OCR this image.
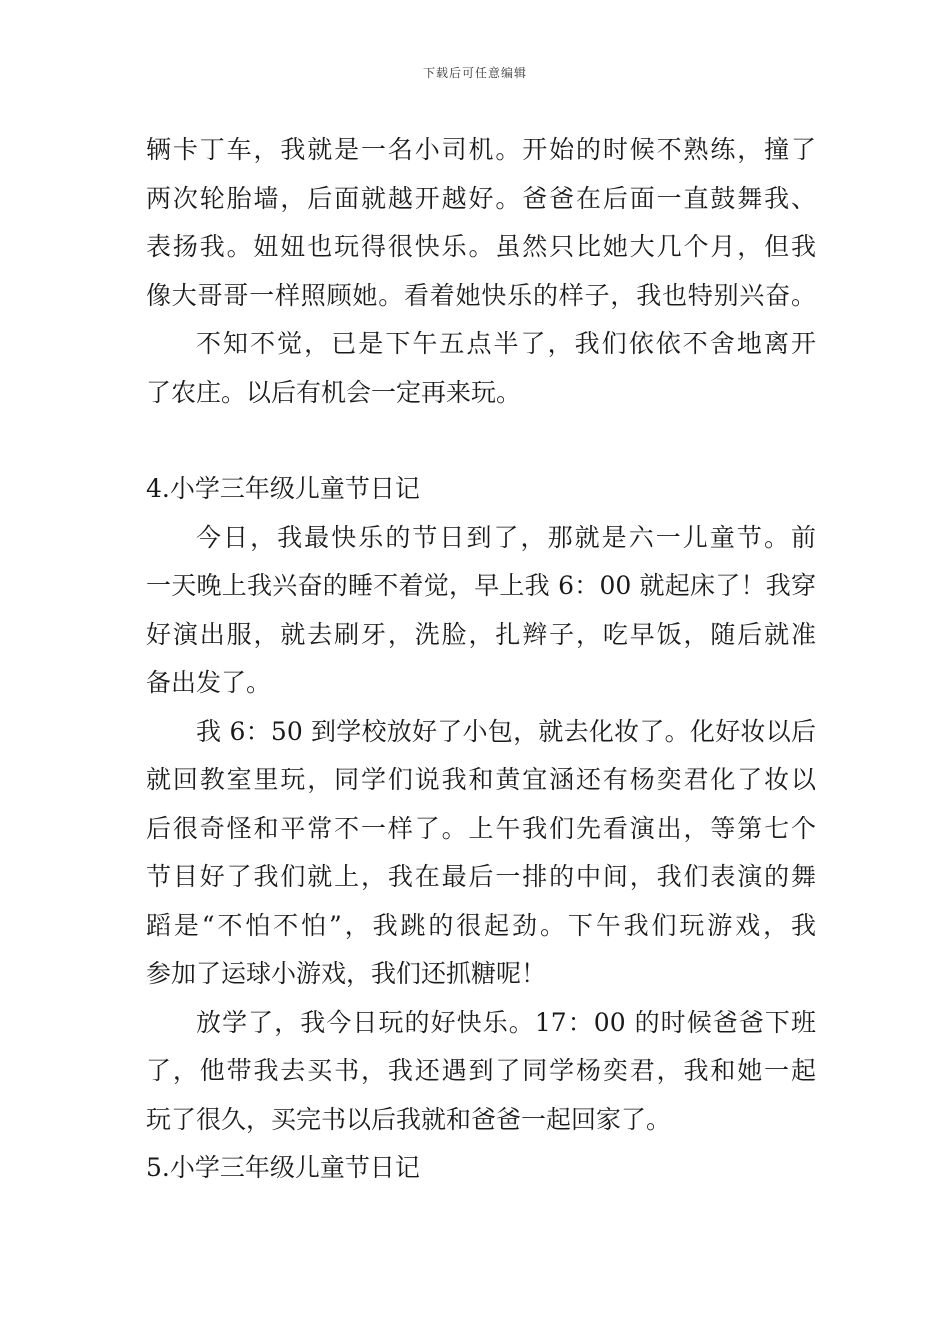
下载后可任意编辑
辆卡丁车，我就是一名小司机。开始的时候不熟练，撞了
两次轮胎墙，后面就越开越好。爸爸在后面一直鼓舞我、
表扬我。妞妞也玩得很快乐。虽然只比她大几个月，但我
像大哥哥一样照顾她。看着她快乐的样子，我也特别兴奋。
不知不觉，已是下午五点半了，我们依依不舍地离开
了农庄。以后有机会一定再来玩。
4.小学三年级儿童节日记
今日，我最快乐的节日到了，那就是六一儿童节。前
一天晚上我兴奋的睡不着觉，早上我 6：00 就起床了！我穿
好演出服，就去刷牙，洗脸，扎辫子，吃早饭，随后就准
备出发了。
我 6：50 到学校放好了小包，就去化妆了。化好妆以后
就回教室里玩，同学们说我和黄宜涵还有杨奕君化了妆以
后很奇怪和平常不一样了。上午我们先看演出，等第七个
节目好了我们就上，我在最后一排的中间，我们表演的舞
蹈是“不怕不怕”，我跳的很起劲。下午我们玩游戏，我
参加了运球小游戏，我们还抓糖呢！
放学了，我今日玩的好快乐。17：00 的时候爸爸下班
了，他带我去买书，我还遇到了同学杨奕君，我和她一起
玩了很久，买完书以后我就和爸爸一起回家了。
5.小学三年级儿童节日记
